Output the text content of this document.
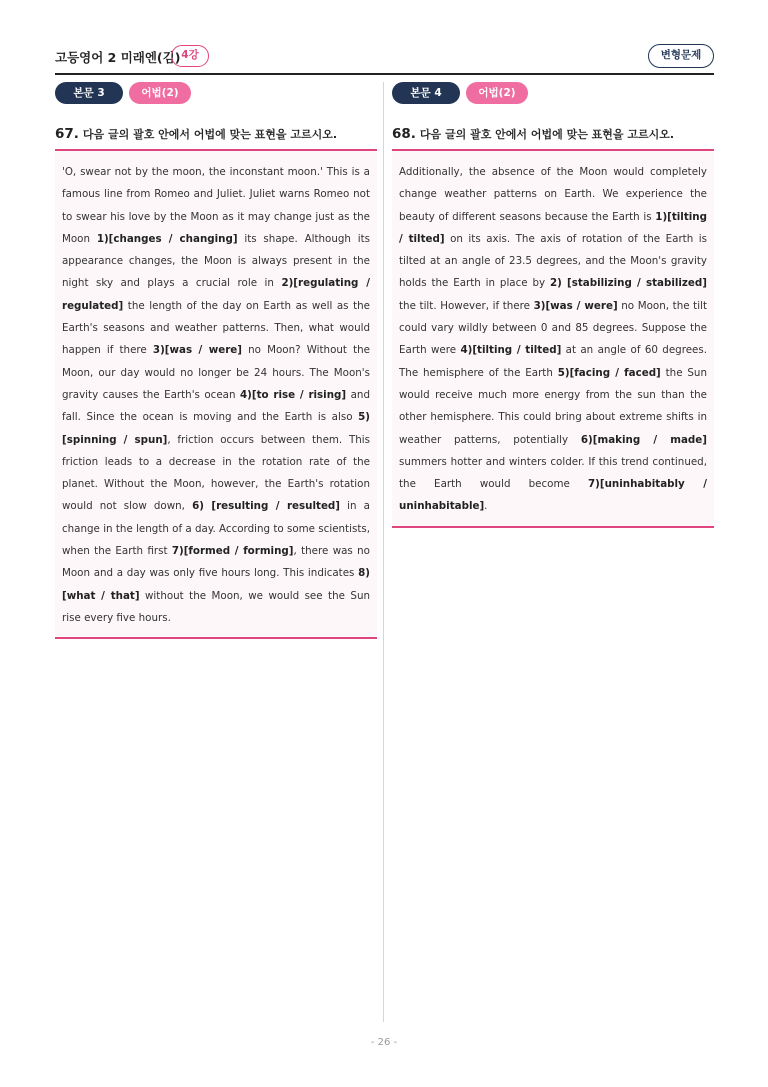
고등영어 2 미래엔(김) 4강	변형문제
본문 3	어법(2)
67. 다음 글의 괄호 안에서 어법에 맞는 표현을 고르시오.

'O, swear not by the moon, the inconstant moon.' This is a famous line from Romeo and Juliet. Juliet warns Romeo not to swear his love by the Moon as it may change just as the Moon 1)[changes / changing] its shape. Although its appearance changes, the Moon is always present in the night sky and plays a crucial role in 2)[regulating / regulated] the length of the day on Earth as well as the Earth's seasons and weather patterns. Then, what would happen if there 3)[was / were] no Moon? Without the Moon, our day would no longer be 24 hours. The Moon's gravity causes the Earth's ocean 4)[to rise / rising] and fall. Since the ocean is moving and the Earth is also 5)[spinning / spun], friction occurs between them. This friction leads to a decrease in the rotation rate of the planet. Without the Moon, however, the Earth's rotation would not slow down, 6) [resulting / resulted] in a change in the length of a day. According to some scientists, when the Earth first 7)[formed / forming], there was no Moon and a day was only five hours long. This indicates 8)[what / that] without the Moon, we would see the Sun rise every five hours.

본문 4	어법(2)
68. 다음 글의 괄호 안에서 어법에 맞는 표현을 고르시오.

Additionally, the absence of the Moon would completely change weather patterns on Earth. We experience the beauty of different seasons because the Earth is 1)[tilting / tilted] on its axis. The axis of rotation of the Earth is tilted at an angle of 23.5 degrees, and the Moon's gravity holds the Earth in place by 2) [stabilizing / stabilized] the tilt. However, if there 3)[was / were] no Moon, the tilt could vary wildly between 0 and 85 degrees. Suppose the Earth were 4)[tilting / tilted] at an angle of 60 degrees. The hemisphere of the Earth 5)[facing / faced] the Sun would receive much more energy from the sun than the other hemisphere. This could bring about extreme shifts in weather patterns, potentially 6)[making / made] summers hotter and winters colder. If this trend continued, the Earth would become 7)[uninhabitably / uninhabitable].

- 26 -
